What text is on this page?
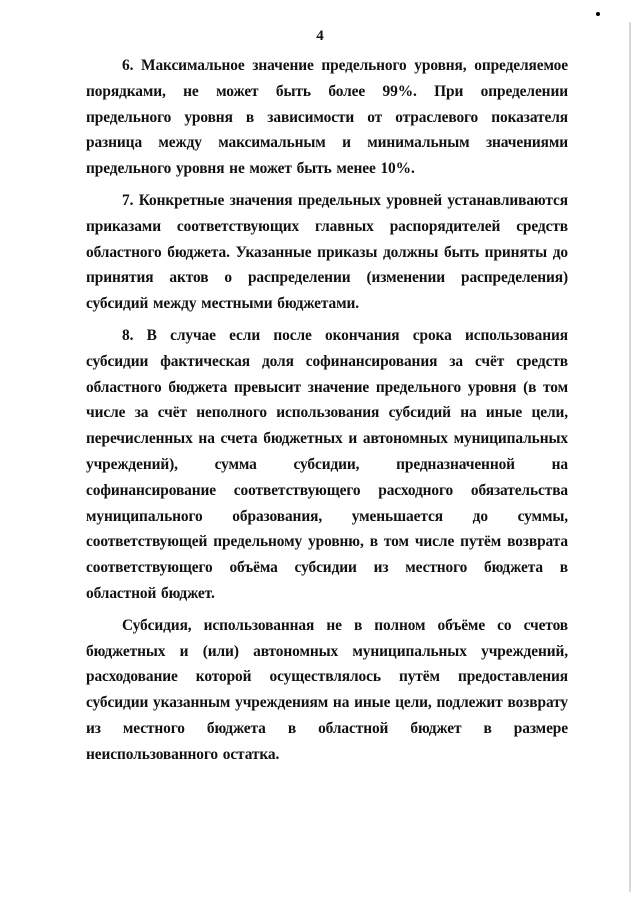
4

6. Максимальное значение предельного уровня, определяемое порядками, не может быть более 99%. При определении предельного уровня в зависимости от отраслевого показателя разница между максимальным и минимальным значениями предельного уровня не может быть менее 10%.

7. Конкретные значения предельных уровней устанавливаются приказами соответствующих главных распорядителей средств областного бюджета. Указанные приказы должны быть приняты до принятия актов о распределении (изменении распределения) субсидий между местными бюджетами.

8. В случае если после окончания срока использования субсидии фактическая доля софинансирования за счёт средств областного бюджета превысит значение предельного уровня (в том числе за счёт неполного использования субсидий на иные цели, перечисленных на счета бюджетных и автономных муниципальных учреждений), сумма субсидии, предназначенной на софинансирование соответствующего расходного обязательства муниципального образования, уменьшается до суммы, соответствующей предельному уровню, в том числе путём возврата соответствующего объёма субсидии из местного бюджета в областной бюджет.

Субсидия, использованная не в полном объёме со счетов бюджетных и (или) автономных муниципальных учреждений, расходование которой осуществлялось путём предоставления субсидии указанным учреждениям на иные цели, подлежит возврату из местного бюджета в областной бюджет в размере неиспользованного остатка.
